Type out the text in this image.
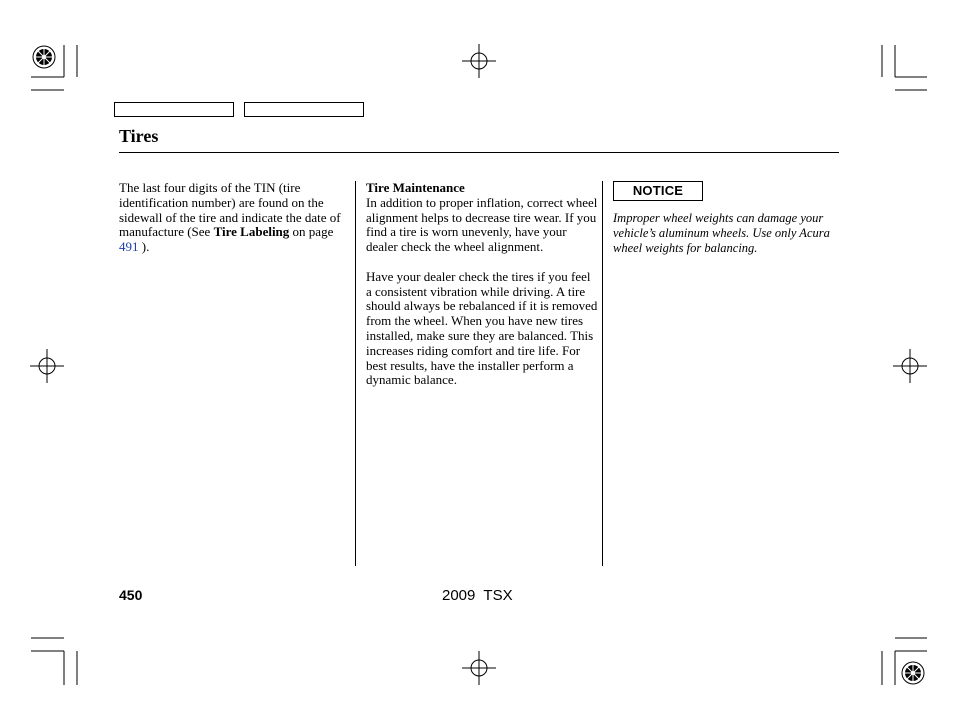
Tires

The last four digits of the TIN (tire identification number) are found on the sidewall of the tire and indicate the date of manufacture (See Tire Labeling on page 491 ).

Tire Maintenance

In addition to proper inflation, correct wheel alignment helps to decrease tire wear. If you find a tire is worn unevenly, have your dealer check the wheel alignment.

Have your dealer check the tires if you feel a consistent vibration while driving. A tire should always be rebalanced if it is removed from the wheel. When you have new tires installed, make sure they are balanced. This increases riding comfort and tire life. For best results, have the installer perform a dynamic balance.

NOTICE
Improper wheel weights can damage your vehicle’s aluminum wheels. Use only Acura wheel weights for balancing.
450	2009  TSX
